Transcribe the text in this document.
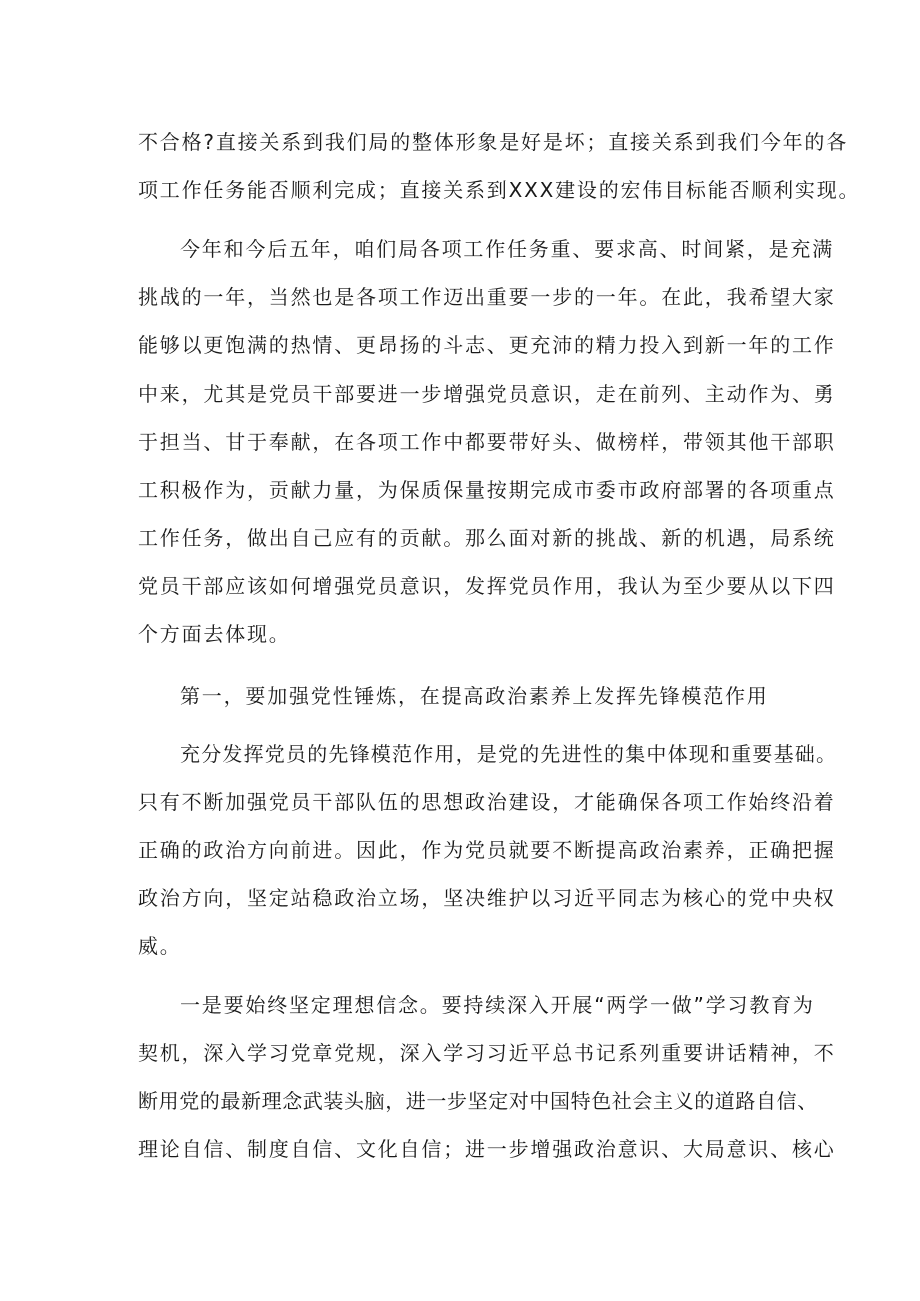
不合格?直接关系到我们局的整体形象是好是坏；直接关系到我们今年的各
项工作任务能否顺利完成；直接关系到XXX建设的宏伟目标能否顺利实现。
今年和今后五年，咱们局各项工作任务重、要求高、时间紧，是充满
挑战的一年，当然也是各项工作迈出重要一步的一年。在此，我希望大家
能够以更饱满的热情、更昂扬的斗志、更充沛的精力投入到新一年的工作
中来，尤其是党员干部要进一步增强党员意识，走在前列、主动作为、勇
于担当、甘于奉献，在各项工作中都要带好头、做榜样，带领其他干部职
工积极作为，贡献力量，为保质保量按期完成市委市政府部署的各项重点
工作任务，做出自己应有的贡献。那么面对新的挑战、新的机遇，局系统
党员干部应该如何增强党员意识，发挥党员作用，我认为至少要从以下四
个方面去体现。
第一，要加强党性锤炼，在提高政治素养上发挥先锋模范作用
充分发挥党员的先锋模范作用，是党的先进性的集中体现和重要基础。
只有不断加强党员干部队伍的思想政治建设，才能确保各项工作始终沿着
正确的政治方向前进。因此，作为党员就要不断提高政治素养，正确把握
政治方向，坚定站稳政治立场，坚决维护以习近平同志为核心的党中央权
威。
一是要始终坚定理想信念。要持续深入开展“两学一做”学习教育为
契机，深入学习党章党规，深入学习习近平总书记系列重要讲话精神，不
断用党的最新理念武装头脑，进一步坚定对中国特色社会主义的道路自信、
理论自信、制度自信、文化自信；进一步增强政治意识、大局意识、核心
